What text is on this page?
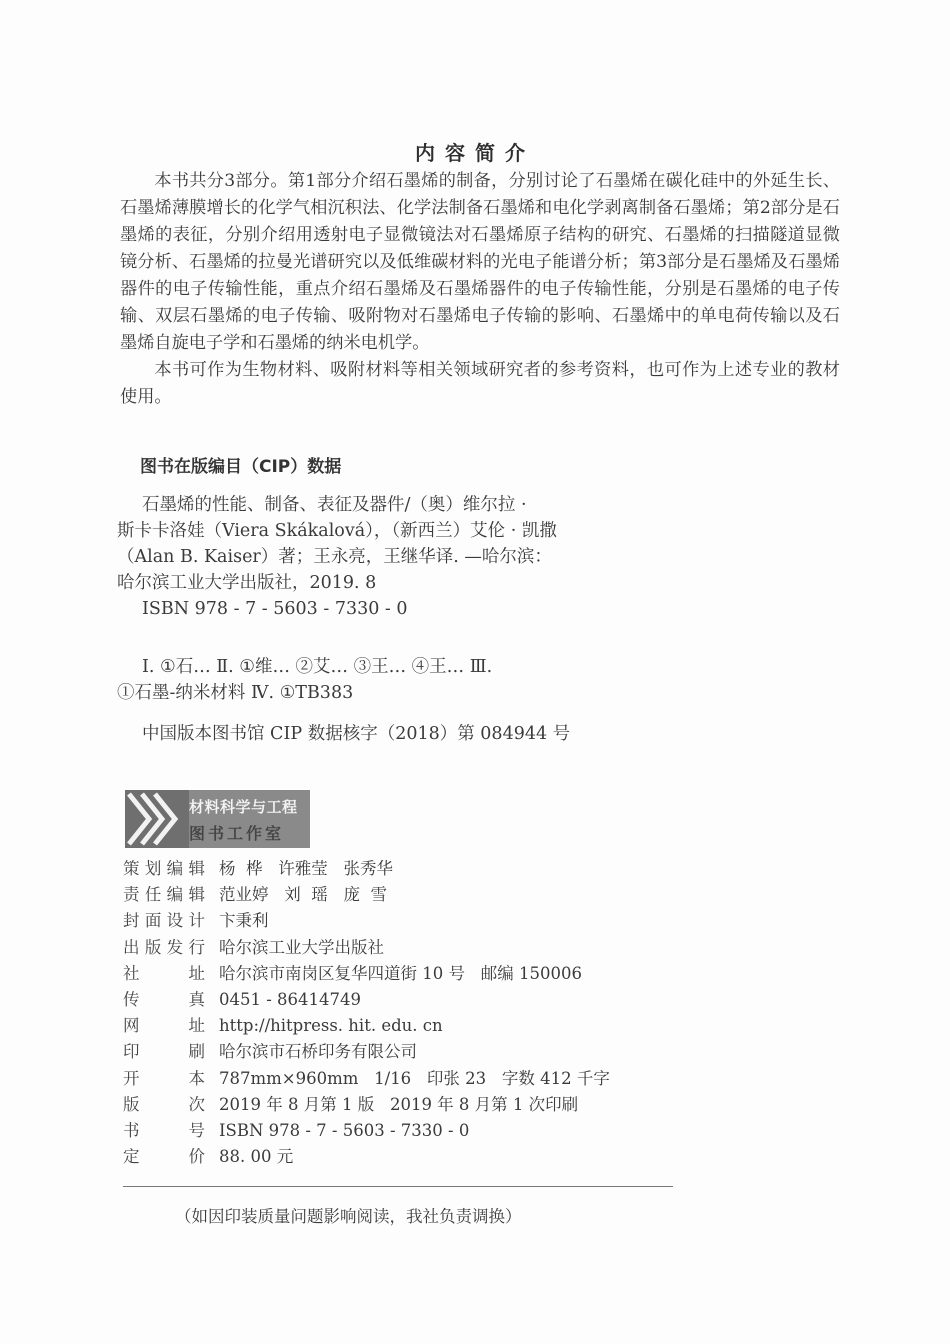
内容简介

本书共分3部分。第1部分介绍石墨烯的制备，分别讨论了石墨烯在碳化硅中的外延生长、石墨烯薄膜增长的化学气相沉积法、化学法制备石墨烯和电化学剥离制备石墨烯；第2部分是石墨烯的表征，分别介绍用透射电子显微镜法对石墨烯原子结构的研究、石墨烯的扫描隧道显微镜分析、石墨烯的拉曼光谱研究以及低维碳材料的光电子能谱分析；第3部分是石墨烯及石墨烯器件的电子传输性能，重点介绍石墨烯及石墨烯器件的电子传输性能，分别是石墨烯的电子传输、双层石墨烯的电子传输、吸附物对石墨烯电子传输的影响、石墨烯中的单电荷传输以及石墨烯自旋电子学和石墨烯的纳米电机学。

本书可作为生物材料、吸附材料等相关领域研究者的参考资料，也可作为上述专业的教材使用。

图书在版编目（CIP）数据
石墨烯的性能、制备、表征及器件/（奥）维尔拉 ·
斯卡卡洛娃（Viera Skákalová），（新西兰）艾伦 · 凯撒
（Alan B. Kaiser）著；王永亮，王继华译. —哈尔滨：
哈尔滨工业大学出版社，2019. 8
ISBN 978 - 7 - 5603 - 7330 - 0
Ⅰ. ①石… Ⅱ. ①维… ②艾… ③王… ④王… Ⅲ.
①石墨-纳米材料 Ⅳ. ①TB383
中国版本图书馆 CIP 数据核字（2018）第 084944 号
材料科学与工程
图书工作室
策 划 编 辑 杨  桦   许雅莹   张秀华
责 任 编 辑 范业婷   刘  瑶   庞  雪
封 面 设 计 卞秉利
出 版 发 行 哈尔滨工业大学出版社
社	址 哈尔滨市南岗区复华四道街 10 号   邮编 150006
传	真 0451 - 86414749
网	址 http://hitpress. hit. edu. cn
印	刷 哈尔滨市石桥印务有限公司
开	本 787mm×960mm   1/16   印张 23   字数 412 千字
版	次 2019 年 8 月第 1 版   2019 年 8 月第 1 次印刷
书	号 ISBN 978 - 7 - 5603 - 7330 - 0
定	价 88. 00 元
（如因印装质量问题影响阅读，我社负责调换）
